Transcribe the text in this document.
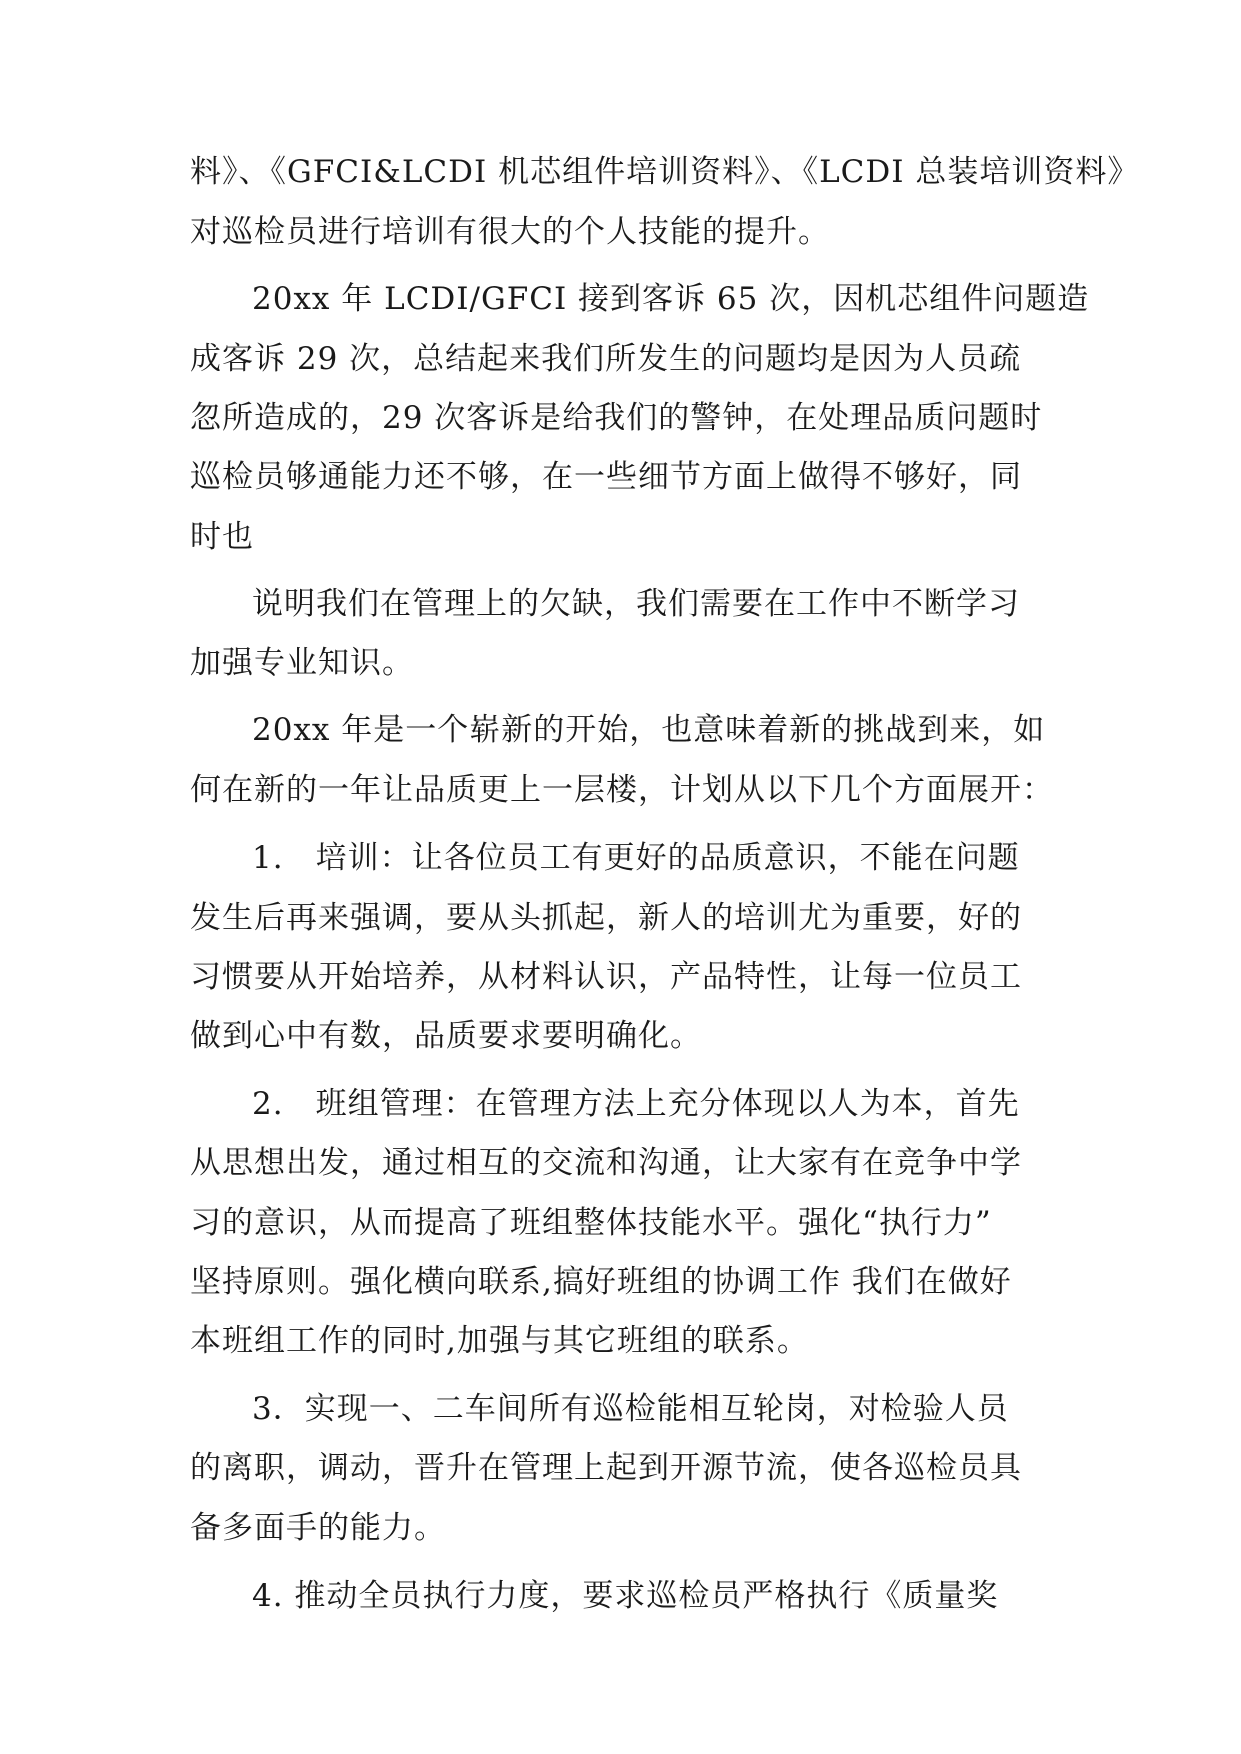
料》、《GFCI&LCDI 机芯组件培训资料》、《LCDI 总装培训资料》
对巡检员进行培训有很大的个人技能的提升。
20xx 年 LCDI/GFCI 接到客诉 65 次，因机芯组件问题造
成客诉 29 次，总结起来我们所发生的问题均是因为人员疏
忽所造成的，29 次客诉是给我们的警钟，在处理品质问题时
巡检员够通能力还不够，在一些细节方面上做得不够好，同
时也
说明我们在管理上的欠缺，我们需要在工作中不断学习
加强专业知识。
20xx 年是一个崭新的开始，也意味着新的挑战到来，如
何在新的一年让品质更上一层楼，计划从以下几个方面展开：
1.　培训：让各位员工有更好的品质意识，不能在问题
发生后再来强调，要从头抓起，新人的培训尤为重要，好的
习惯要从开始培养，从材料认识，产品特性，让每一位员工
做到心中有数，品质要求要明确化。
2.　班组管理：在管理方法上充分体现以人为本，首先
从思想出发，通过相互的交流和沟通，让大家有在竞争中学
习的意识，从而提高了班组整体技能水平。强化“执行力”
坚持原则。强化横向联系,搞好班组的协调工作 我们在做好
本班组工作的同时,加强与其它班组的联系。
3．实现一、二车间所有巡检能相互轮岗，对检验人员
的离职，调动，晋升在管理上起到开源节流，使各巡检员具
备多面手的能力。
4. 推动全员执行力度，要求巡检员严格执行《质量奖
